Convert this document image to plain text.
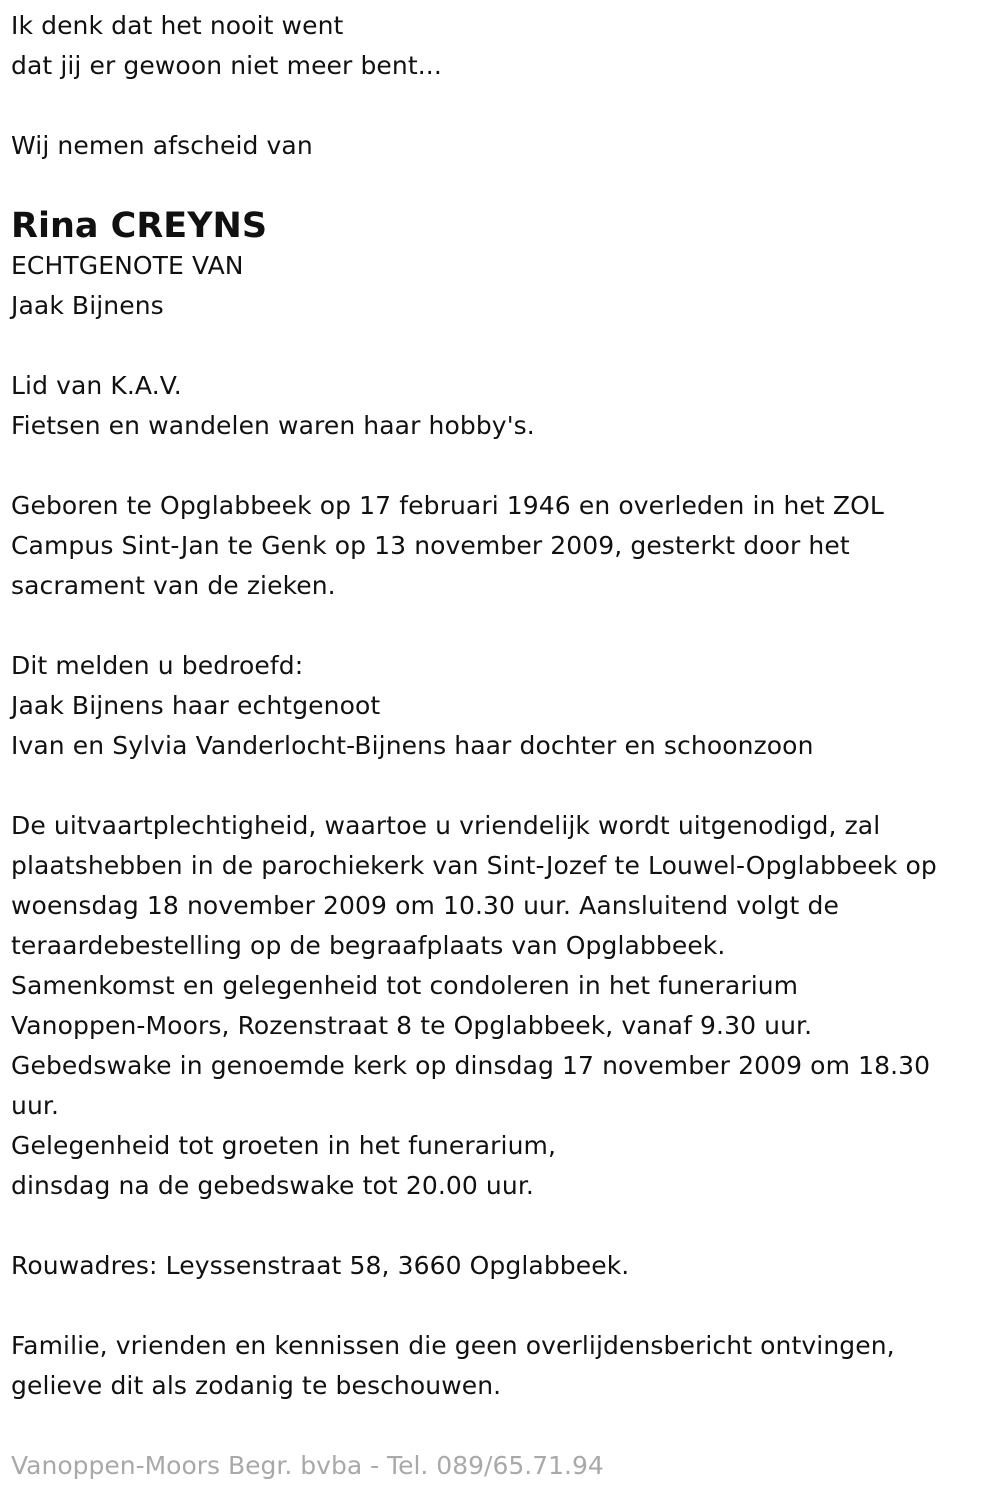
Ik denk dat het nooit went
dat jij er gewoon niet meer bent...
Wij nemen afscheid van
Rina CREYNS
ECHTGENOTE VAN
Jaak Bijnens
Lid van K.A.V.
Fietsen en wandelen waren haar hobby's.
Geboren te Opglabbeek op 17 februari 1946 en overleden in het ZOL
Campus Sint-Jan te Genk op 13 november 2009, gesterkt door het
sacrament van de zieken.
Dit melden u bedroefd:
Jaak Bijnens haar echtgenoot
Ivan en Sylvia Vanderlocht-Bijnens haar dochter en schoonzoon
De uitvaartplechtigheid, waartoe u vriendelijk wordt uitgenodigd, zal
plaatshebben in de parochiekerk van Sint-Jozef te Louwel-Opglabbeek op
woensdag 18 november 2009 om 10.30 uur. Aansluitend volgt de
teraardebestelling op de begraafplaats van Opglabbeek.
Samenkomst en gelegenheid tot condoleren in het funerarium
Vanoppen-Moors, Rozenstraat 8 te Opglabbeek, vanaf 9.30 uur.
Gebedswake in genoemde kerk op dinsdag 17 november 2009 om 18.30
uur.
Gelegenheid tot groeten in het funerarium,
dinsdag na de gebedswake tot 20.00 uur.
Rouwadres: Leyssenstraat 58, 3660 Opglabbeek.
Familie, vrienden en kennissen die geen overlijdensbericht ontvingen,
gelieve dit als zodanig te beschouwen.
Vanoppen-Moors Begr. bvba - Tel. 089/65.71.94
